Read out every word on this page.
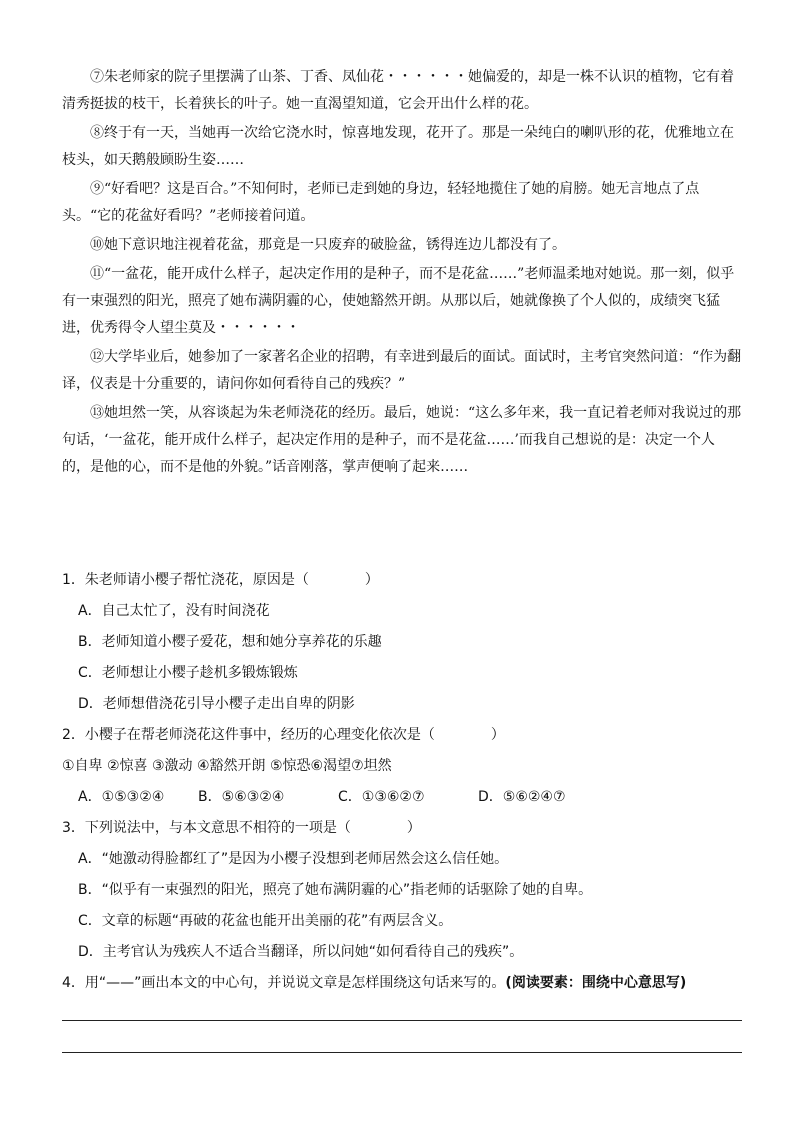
⑦朱老师家的院子里摆满了山茶、丁香、凤仙花・・・・・・她偏爱的，却是一株不认识的植物，它有着清秀挺拔的枝干，长着狭长的叶子。她一直渴望知道，它会开出什么样的花。

⑧终于有一天，当她再一次给它浇水时，惊喜地发现，花开了。那是一朵纯白的喇叭形的花，优雅地立在枝头，如天鹅般顾盼生姿……

⑨“好看吧？这是百合。”不知何时，老师已走到她的身边，轻轻地揽住了她的肩膀。她无言地点了点头。“它的花盆好看吗？”老师接着问道。

⑩她下意识地注视着花盆，那竟是一只废弃的破脸盆，锈得连边儿都没有了。

⑪“一盆花，能开成什么样子，起决定作用的是种子，而不是花盆……”老师温柔地对她说。那一刻，似乎有一束强烈的阳光，照亮了她布满阴霾的心，使她豁然开朗。从那以后，她就像换了个人似的，成绩突飞猛进，优秀得令人望尘莫及・・・・・・

⑫大学毕业后，她参加了一家著名企业的招聘，有幸进到最后的面试。面试时，主考官突然问道：“作为翻译，仪表是十分重要的，请问你如何看待自己的残疾？”

⑬她坦然一笑，从容谈起为朱老师浇花的经历。最后，她说：“这么多年来，我一直记着老师对我说过的那句话，‘一盆花，能开成什么样子，起决定作用的是种子，而不是花盆……’而我自己想说的是：决定一个人的，是他的心，而不是他的外貌。”话音刚落，掌声便响了起来……

1．朱老师请小樱子帮忙浇花，原因是（　　　　）

A．自己太忙了，没有时间浇花

B．老师知道小樱子爱花，想和她分享养花的乐趣

C．老师想让小樱子趁机多锻炼锻炼

D．老师想借浇花引导小樱子走出自卑的阴影

2．小樱子在帮老师浇花这件事中，经历的心理变化依次是（　　　　）

①自卑 ②惊喜 ③激动 ④豁然开朗 ⑤惊恐⑥渴望⑦坦然

A．①⑤③②④	B．⑤⑥③②④	C．①③⑥②⑦	D．⑤⑥②④⑦

3．下列说法中，与本文意思不相符的一项是（　　　　）

A．“她激动得脸都红了”是因为小樱子没想到老师居然会这么信任她。

B．“似乎有一束强烈的阳光，照亮了她布满阴霾的心”指老师的话驱除了她的自卑。

C．文章的标题“再破的花盆也能开出美丽的花”有两层含义。

D．主考官认为残疾人不适合当翻译，所以问她“如何看待自己的残疾”。

4．用“——”画出本文的中心句，并说说文章是怎样围绕这句话来写的。(阅读要素：围绕中心意思写)
